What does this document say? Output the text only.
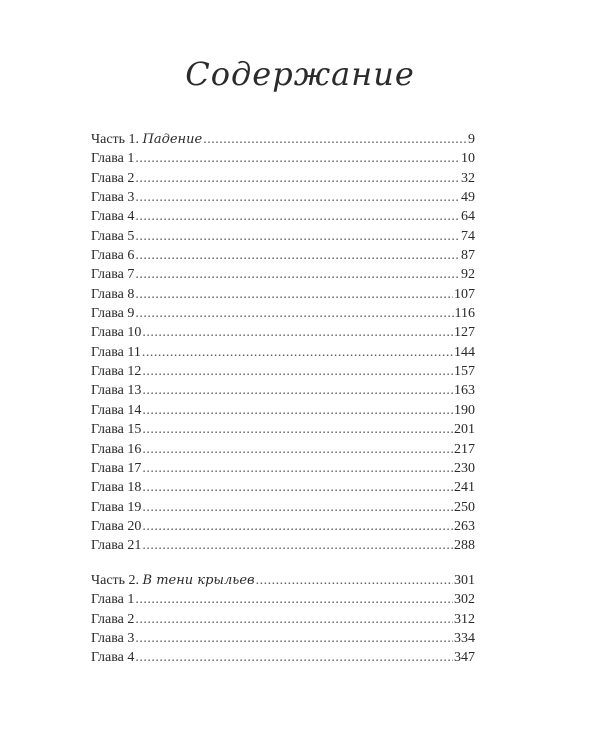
Содержание
Часть 1. Падение .....	9
Глава 1 .....	10
Глава 2 .....	32
Глава 3 .....	49
Глава 4 .....	64
Глава 5 .....	74
Глава 6 .....	87
Глава 7 .....	92
Глава 8 .....	107
Глава 9 .....	116
Глава 10 .....	127
Глава 11 .....	144
Глава 12 .....	157
Глава 13 .....	163
Глава 14 .....	190
Глава 15 .....	201
Глава 16 .....	217
Глава 17 .....	230
Глава 18 .....	241
Глава 19 .....	250
Глава 20 .....	263
Глава 21 .....	288
Часть 2. В тени крыльев .....	301
Глава 1 .....	302
Глава 2 .....	312
Глава 3 .....	334
Глава 4 .....	347
